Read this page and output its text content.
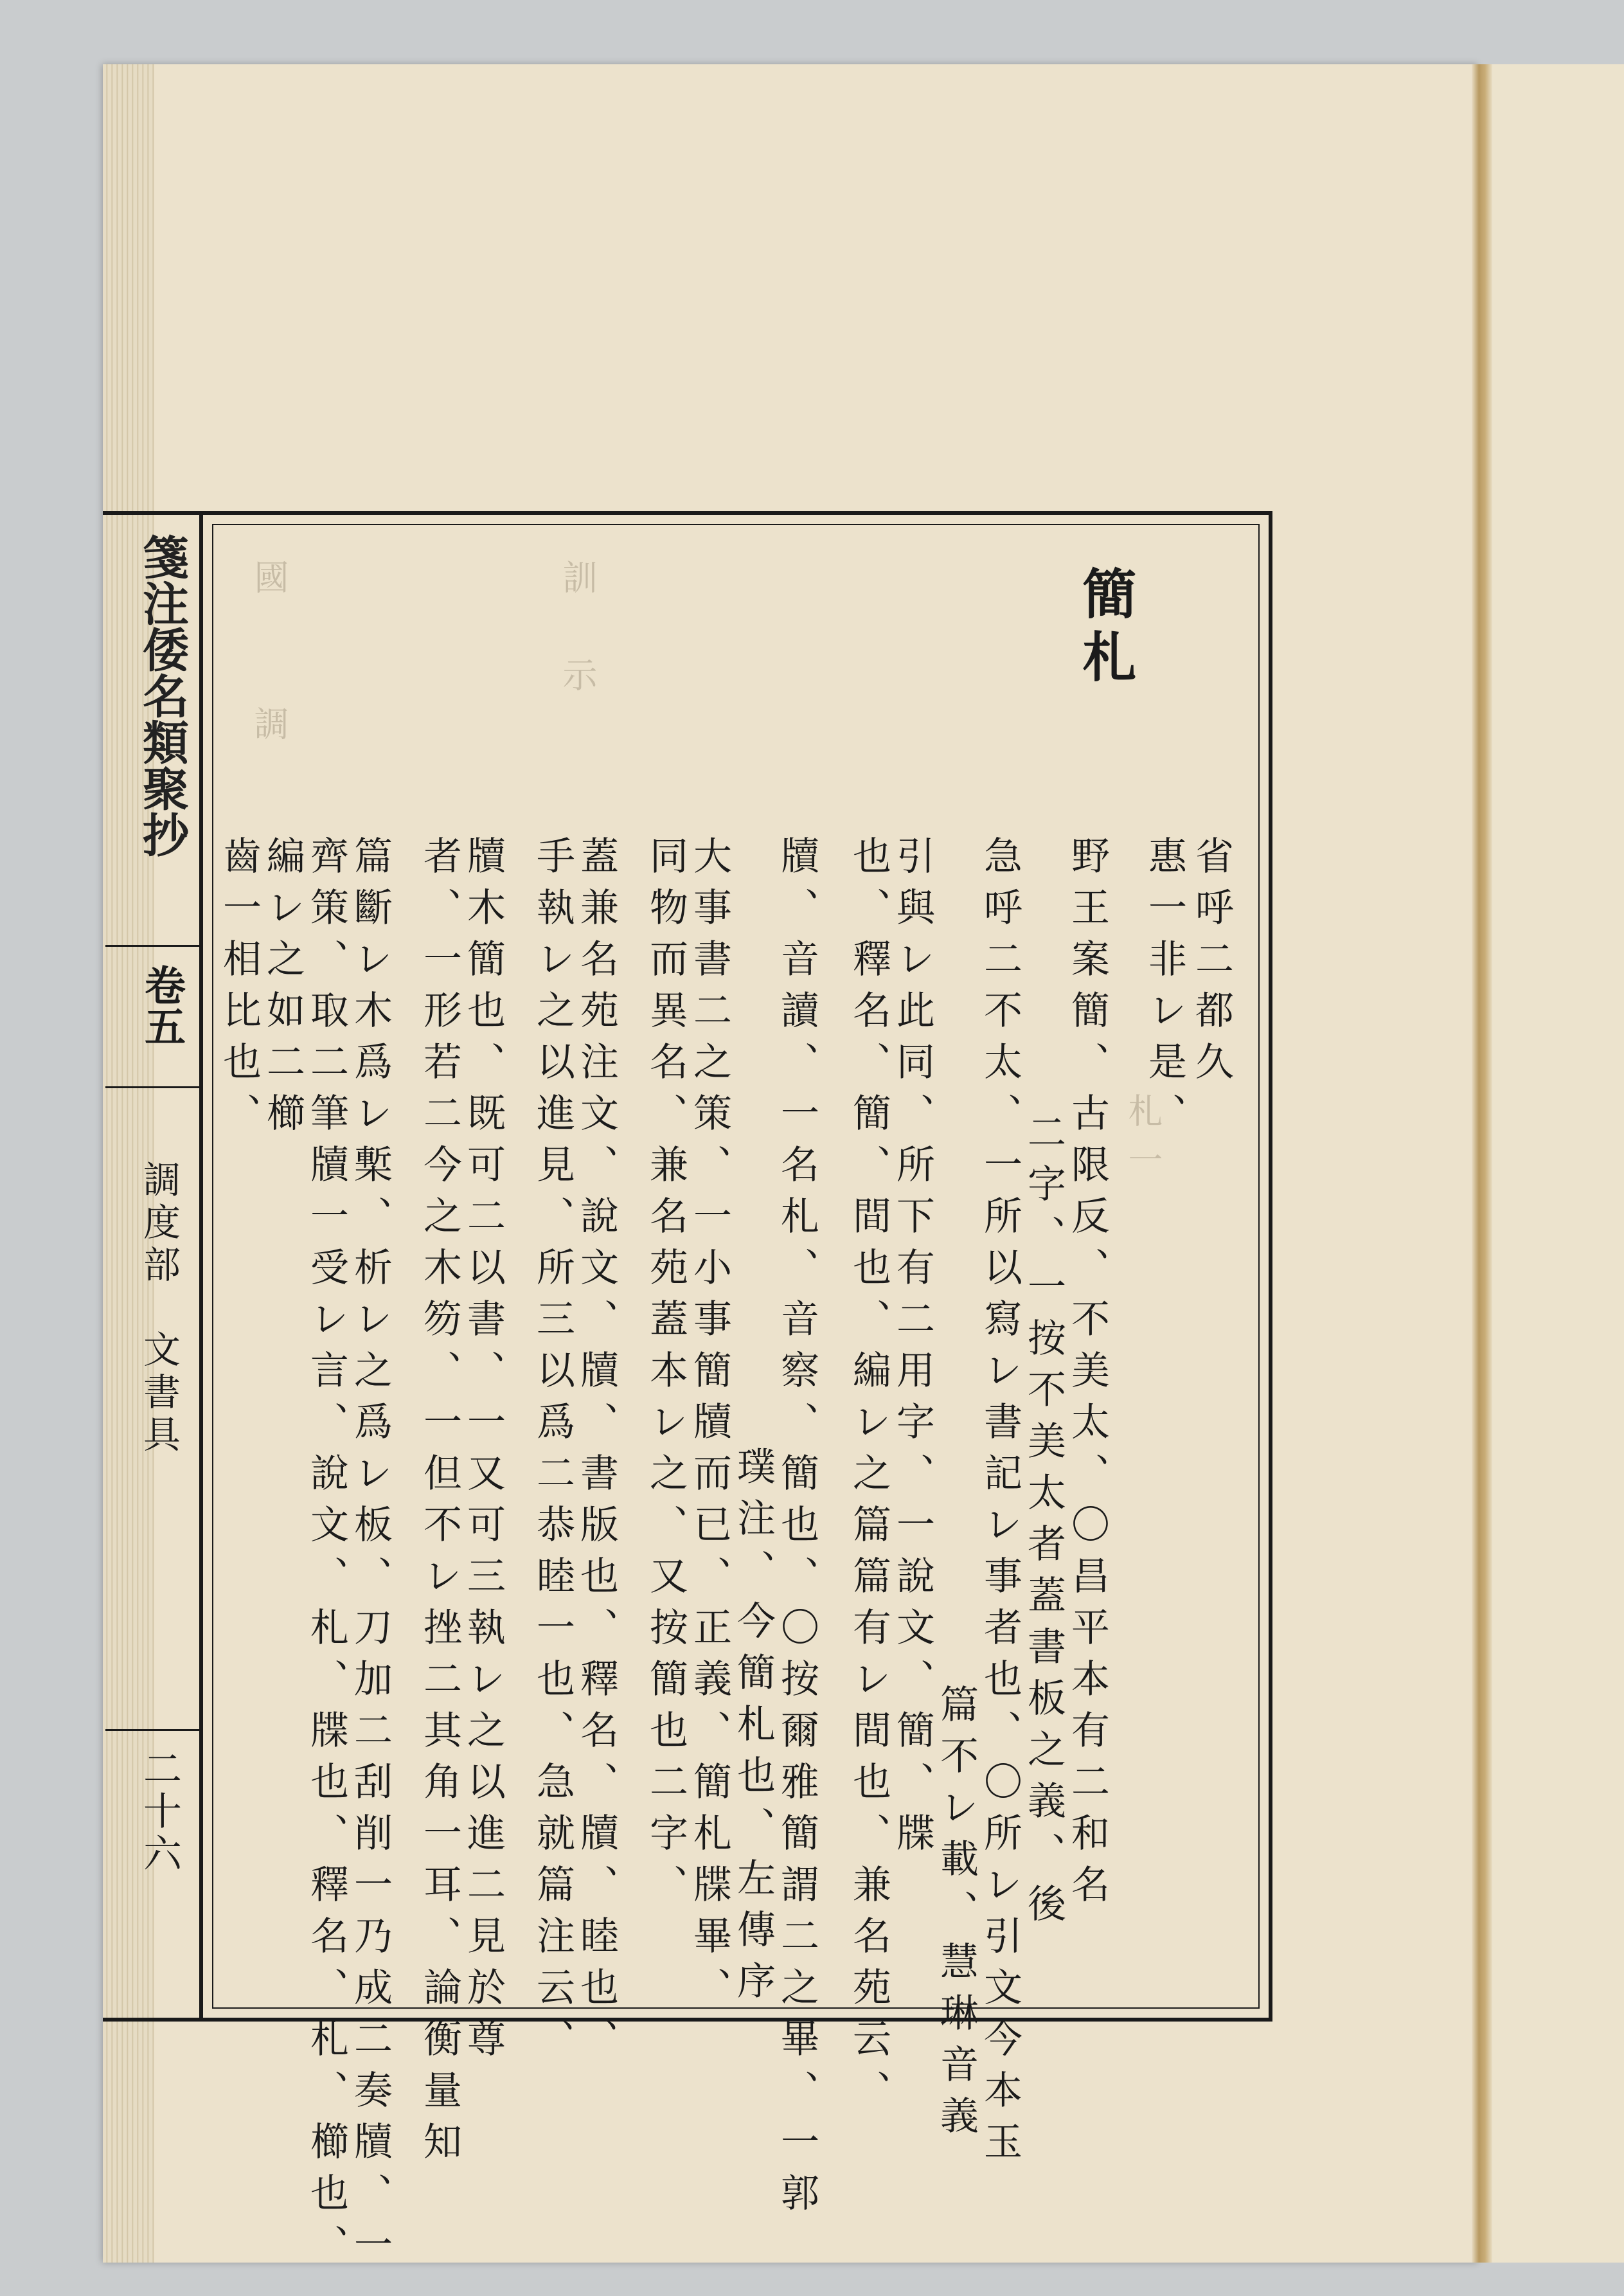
國　　調	訓　示
札一
箋注倭名類聚抄
卷五
調度部　文書具
二十六
省呼二都久
惠一非レ是、
簡札
野王案簡、古限反、不美太、〇昌平本有二和名
二字、一按不美太者蓋書板之義、後
急呼二不太、一所以寫レ書記レ事者也、〇所レ引文今本玉
篇不レ載、慧琳音義
引與レ此同、所下有二用字、一說文、簡、牒
也、釋名、簡、間也、編レ之篇篇有レ間也、兼名苑云、
牘、音讀、一名札、音察、簡也、〇按爾雅簡謂二之畢、一郭
璞注、今簡札也、左傳序
大事書二之策、一小事簡牘而已、正義、簡札牒畢、
同物而異名、兼名苑蓋本レ之、又按簡也二字、
蓋兼名苑注文、說文、牘、書版也、釋名、牘、睦也、
手執レ之以進見、所三以爲二恭睦一也、急就篇注云、
牘木簡也、既可二以書、一又可三執レ之以進二見於尊
者、一形若二今之木笏、一但不レ挫二其角一耳、論衡量知
篇斷レ木爲レ槧、析レ之爲レ板、刀加二刮削一乃成二奏牘、一
齊策、取二筆牘一受レ言、說文、札、牒也、釋名、札、櫛也、
編レ之如二櫛
齒一相比也、
